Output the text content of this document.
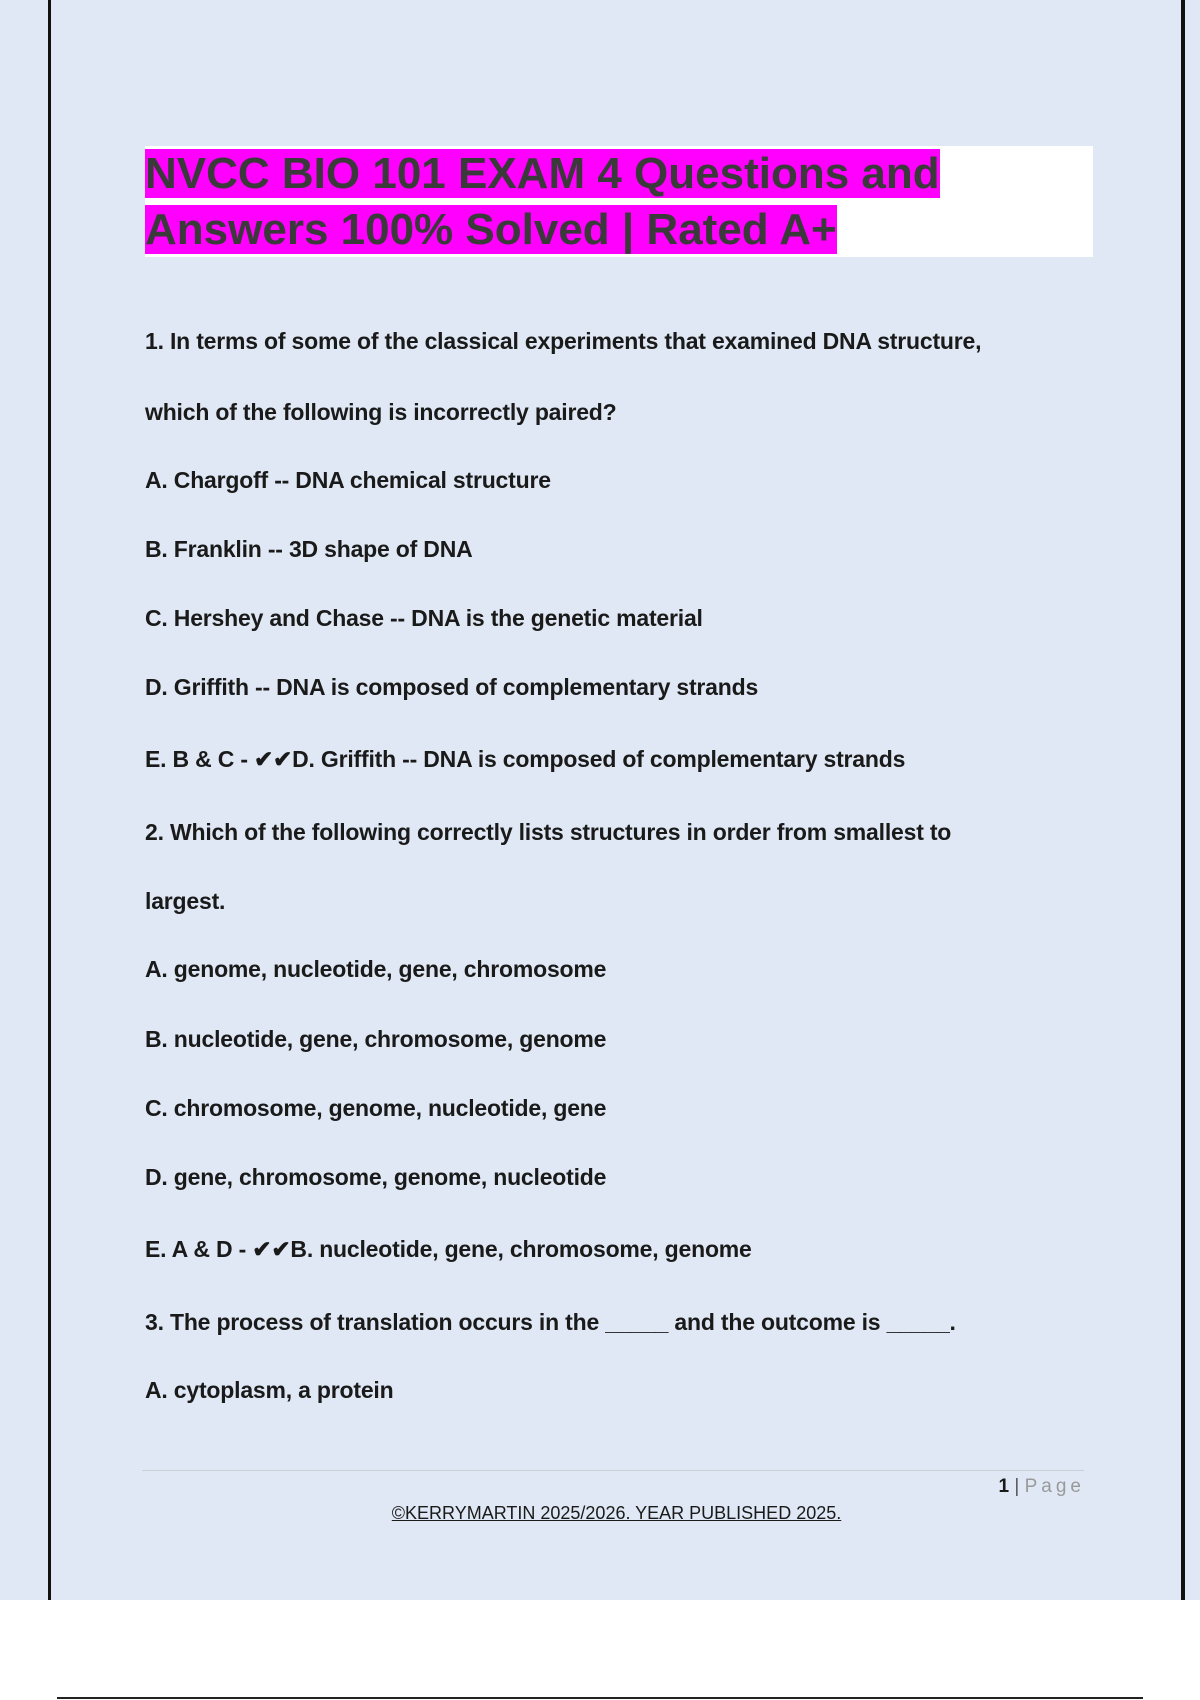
NVCC BIO 101 EXAM 4 Questions and
Answers 100% Solved | Rated A+

1. In terms of some of the classical experiments that examined DNA structure,

which of the following is incorrectly paired?

A. Chargoff -- DNA chemical structure

B. Franklin -- 3D shape of DNA

C. Hershey and Chase -- DNA is the genetic material

D. Griffith -- DNA is composed of complementary strands

E. B & C - ✔✔D. Griffith -- DNA is composed of complementary strands

2. Which of the following correctly lists structures in order from smallest to

largest.

A. genome, nucleotide, gene, chromosome

B. nucleotide, gene, chromosome, genome

C. chromosome, genome, nucleotide, gene

D. gene, chromosome, genome, nucleotide

E. A & D - ✔✔B. nucleotide, gene, chromosome, genome

3. The process of translation occurs in the _____ and the outcome is _____.

A. cytoplasm, a protein

1 | Page
©KERRYMARTIN 2025/2026. YEAR PUBLISHED 2025.
